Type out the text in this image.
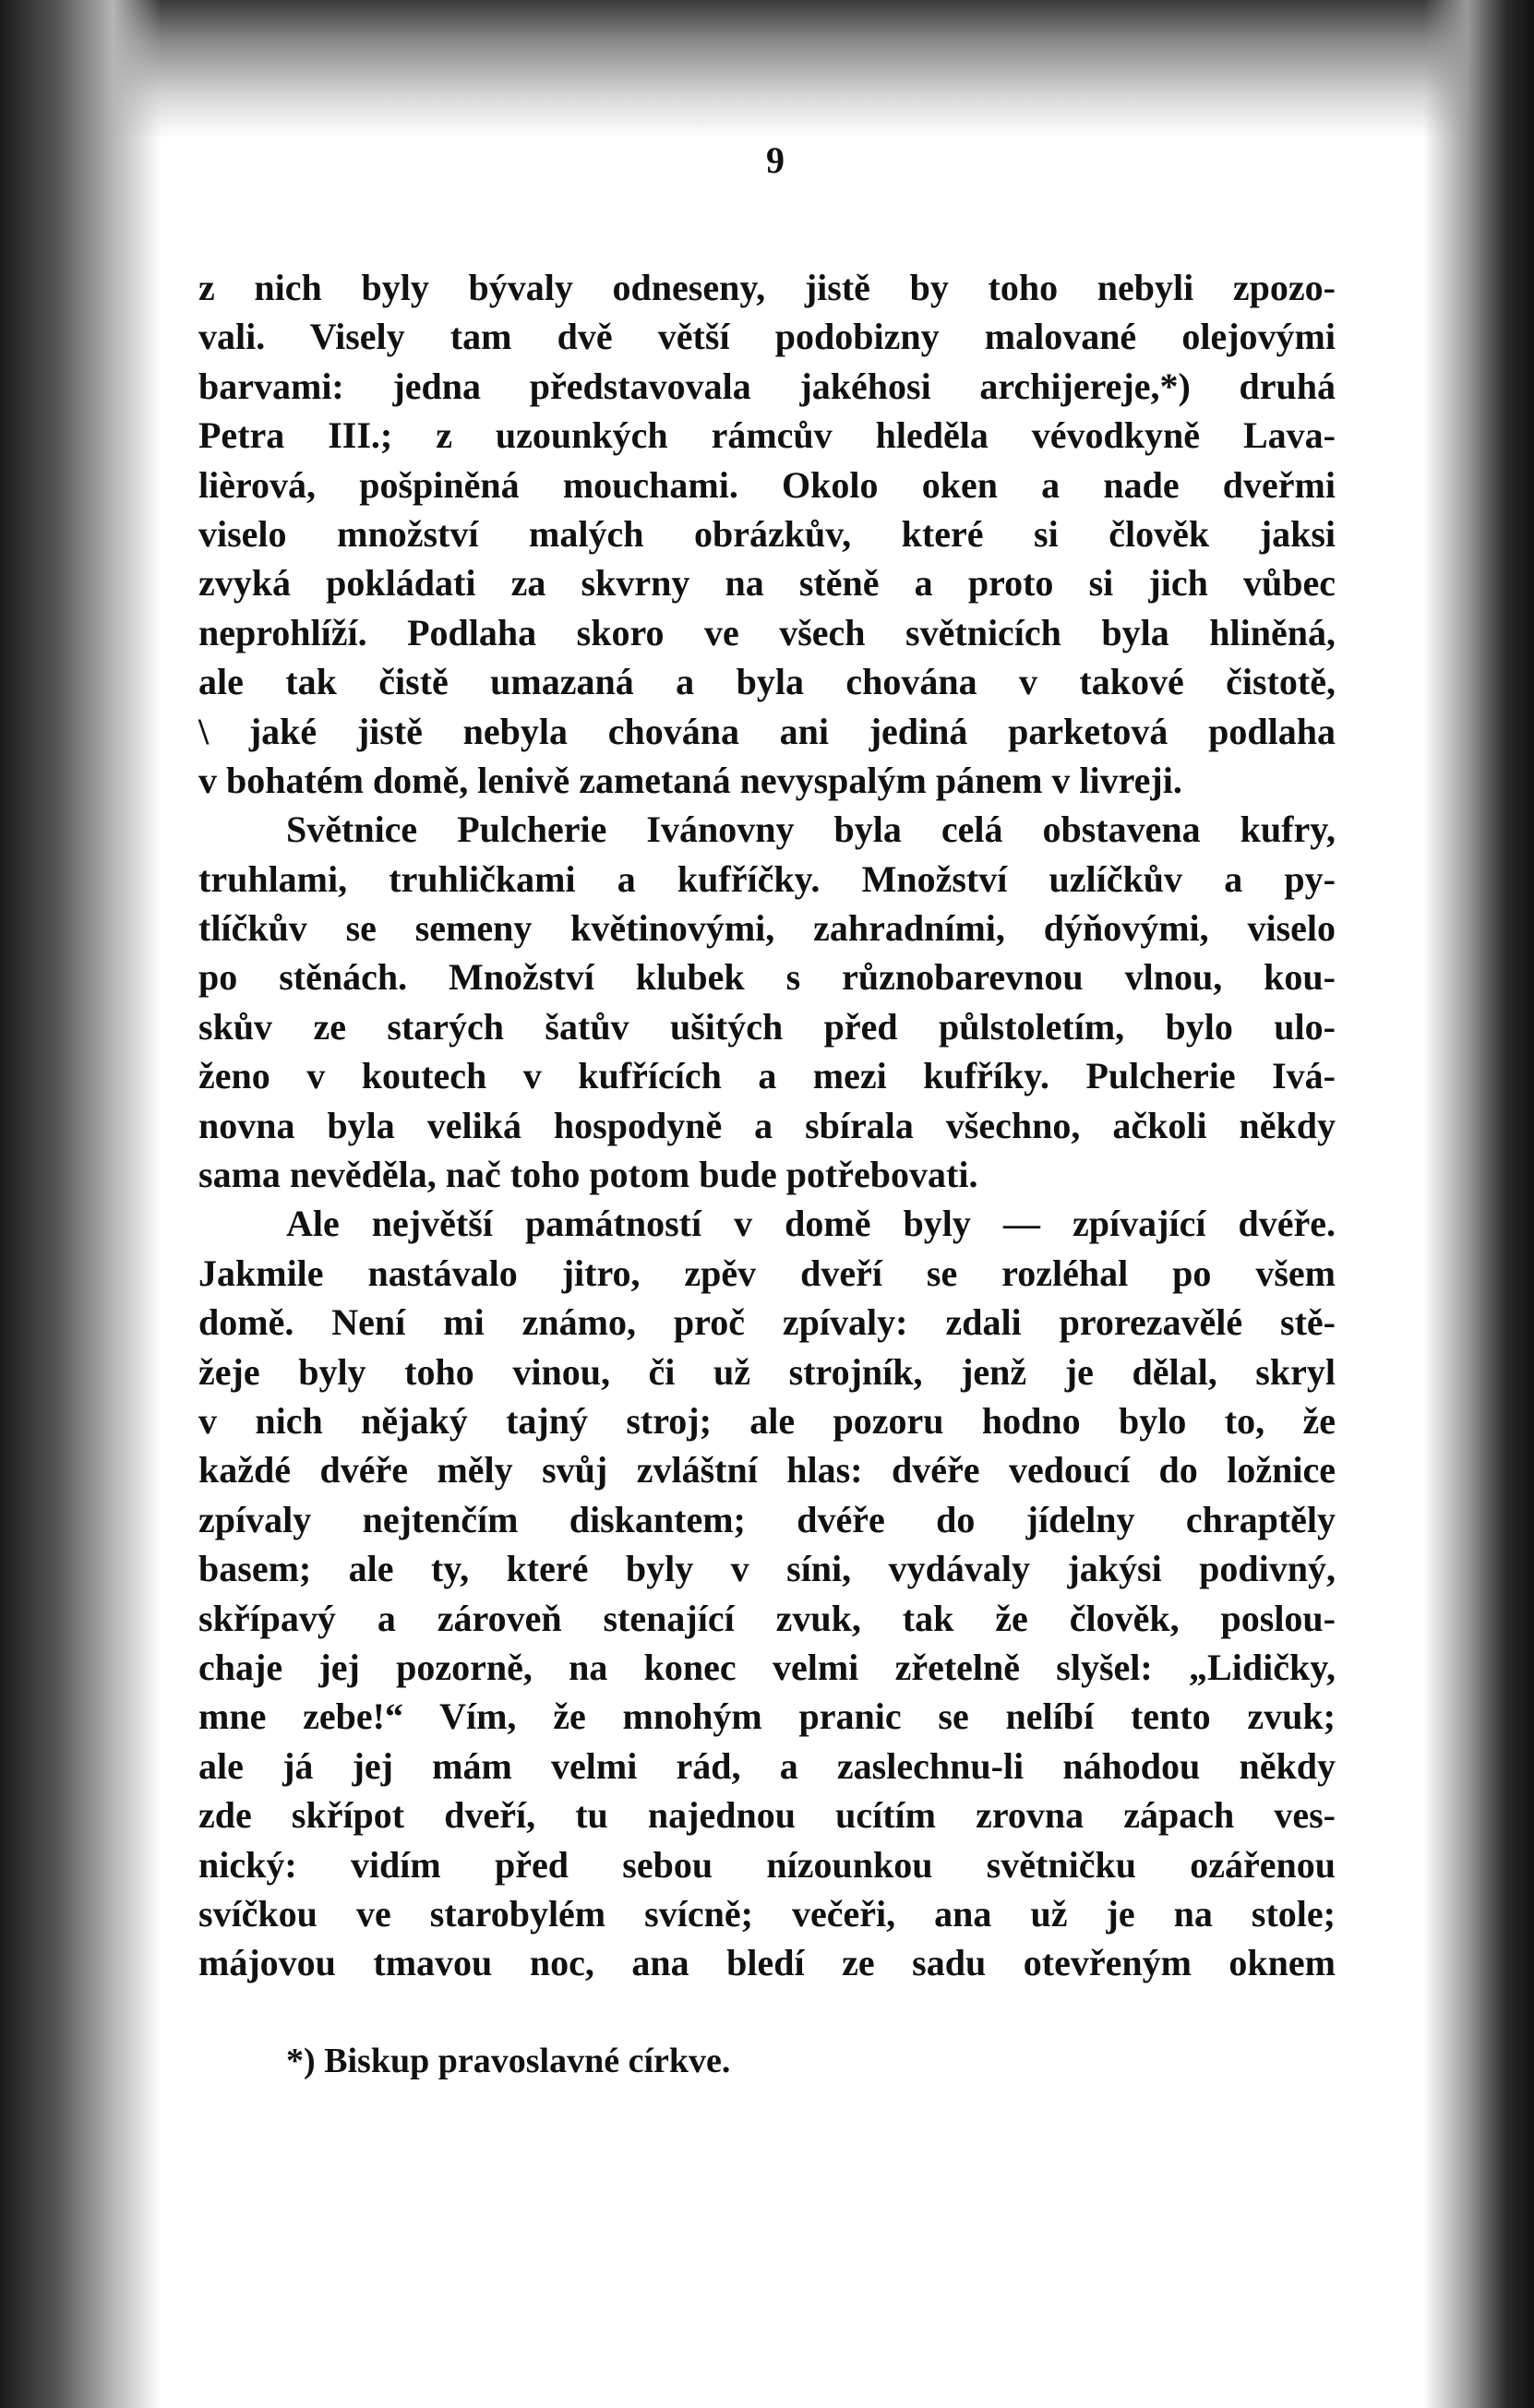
9
z nich byly bývaly odneseny, jistě by toho nebyli zpozo-
vali. Visely tam dvě větší podobizny malované olejovými
barvami: jedna představovala jakéhosi archijereje,*) druhá
Petra III.; z uzounkých rámcův hleděla vévodkyně Lava-
lièrová, pošpiněná mouchami. Okolo oken a nade dveřmi
viselo množství malých obrázkův, které si člověk jaksi
zvyká pokládati za skvrny na stěně a proto si jich vůbec
neprohlíží. Podlaha skoro ve všech světnicích byla hliněná,
ale tak čistě umazaná a byla chována v takové čistotě,
\ jaké jistě nebyla chována ani jediná parketová podlaha
v bohatém domě, lenivě zametaná nevyspalým pánem v livreji.
Světnice Pulcherie Ivánovny byla celá obstavena kufry,
truhlami, truhličkami a kufříčky. Množství uzlíčkův a py-
tlíčkův se semeny květinovými, zahradními, dýňovými, viselo
po stěnách. Množství klubek s různobarevnou vlnou, kou-
skův ze starých šatův ušitých před půlstoletím, bylo ulo-
ženo v koutech v kufřících a mezi kufříky. Pulcherie Ivá-
novna byla veliká hospodyně a sbírala všechno, ačkoli někdy
sama nevěděla, nač toho potom bude potřebovati.
Ale největší památností v domě byly — zpívající dvéře.
Jakmile nastávalo jitro, zpěv dveří se rozléhal po všem
domě. Není mi známo, proč zpívaly: zdali prorezavělé stě-
žeje byly toho vinou, či už strojník, jenž je dělal, skryl
v nich nějaký tajný stroj; ale pozoru hodno bylo to, že
každé dvéře měly svůj zvláštní hlas: dvéře vedoucí do ložnice
zpívaly nejtenčím diskantem; dvéře do jídelny chraptěly
basem; ale ty, které byly v síni, vydávaly jakýsi podivný,
skřípavý a zároveň stenající zvuk, tak že člověk, poslou-
chaje jej pozorně, na konec velmi zřetelně slyšel: „Lidičky,
mne zebe!“ Vím, že mnohým pranic se nelíbí tento zvuk;
ale já jej mám velmi rád, a zaslechnu-li náhodou někdy
zde skřípot dveří, tu najednou ucítím zrovna zápach ves-
nický: vidím před sebou nízounkou světničku ozářenou
svíčkou ve starobylém svícně; večeři, ana už je na stole;
májovou tmavou noc, ana bledí ze sadu otevřeným oknem
*) Biskup pravoslavné církve.
